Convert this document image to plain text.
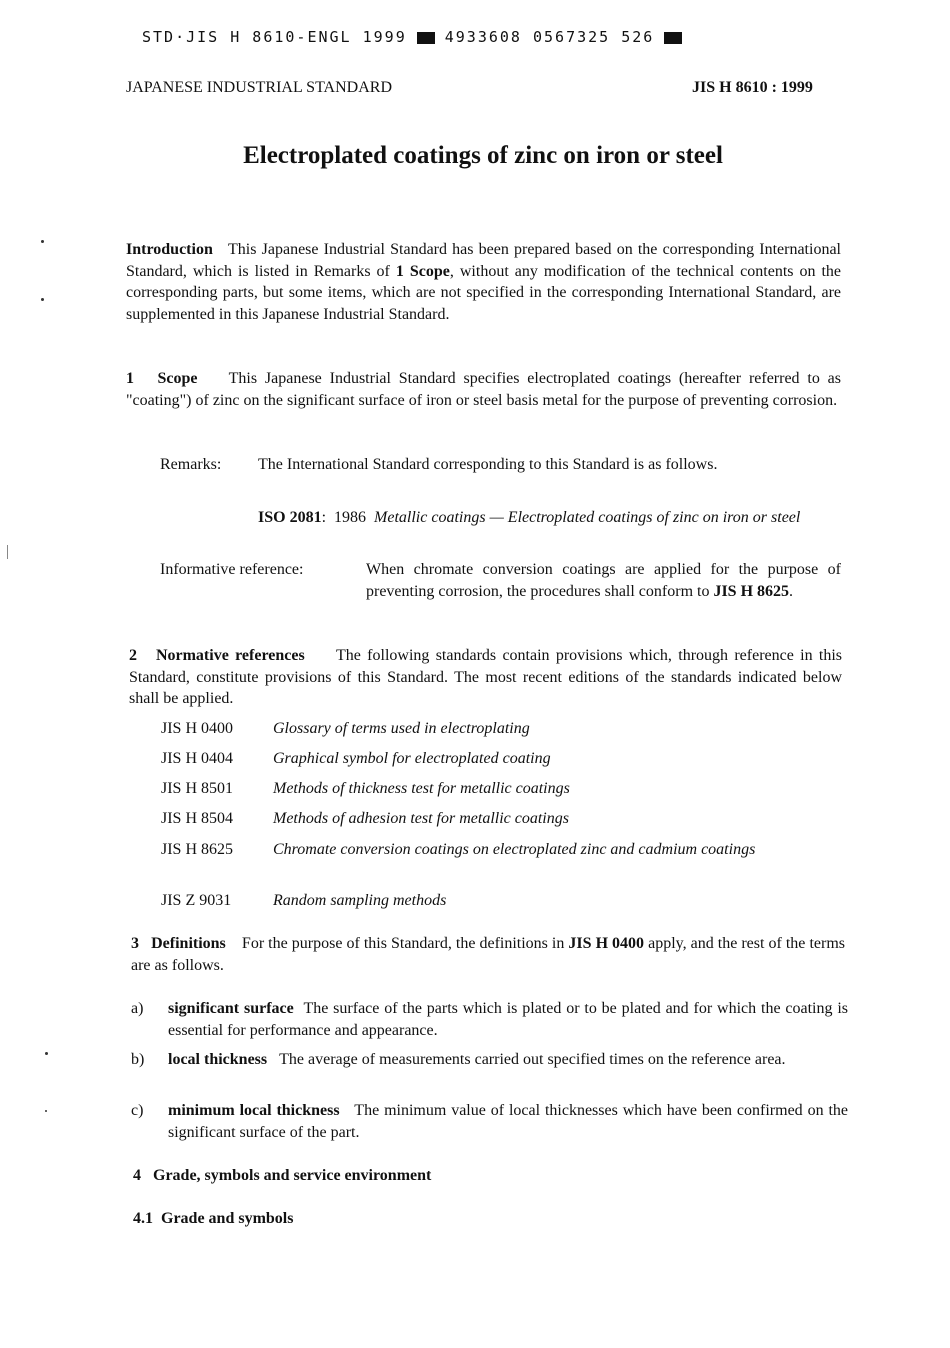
STD·JIS H 8610-ENGL 1999	4933608 0567325 526
JAPANESE INDUSTRIAL STANDARD	JIS H 8610 : 1999
Electroplated coatings of zinc on iron or steel
Introduction This Japanese Industrial Standard has been prepared based on the corresponding International Standard, which is listed in Remarks of 1 Scope, without any modification of the technical contents on the corresponding parts, but some items, which are not specified in the corresponding International Standard, are supplemented in this Japanese Industrial Standard.
1 Scope This Japanese Industrial Standard specifies electroplated coatings (hereafter referred to as "coating") of zinc on the significant surface of iron or steel basis metal for the purpose of preventing corrosion.
Remarks: The International Standard corresponding to this Standard is as follows.
ISO 2081: 1986 Metallic coatings — Electroplated coatings of zinc on iron or steel
Informative reference:	When chromate conversion coatings are applied for the purpose of preventing corrosion, the procedures shall conform to JIS H 8625.
2 Normative references The following standards contain provisions which, through reference in this Standard, constitute provisions of this Standard. The most recent editions of the standards indicated below shall be applied.
JIS H 0400 Glossary of terms used in electroplating
JIS H 0404 Graphical symbol for electroplated coating
JIS H 8501 Methods of thickness test for metallic coatings
JIS H 8504 Methods of adhesion test for metallic coatings
JIS H 8625 Chromate conversion coatings on electroplated zinc and cadmium coatings
JIS Z 9031	Random sampling methods
3 Definitions For the purpose of this Standard, the definitions in JIS H 0400 apply, and the rest of the terms are as follows.
a) significant surface The surface of the parts which is plated or to be plated and for which the coating is essential for performance and appearance.
b) local thickness The average of measurements carried out specified times on the reference area.
c) minimum local thickness The minimum value of local thicknesses which have been confirmed on the significant surface of the part.
4 Grade, symbols and service environment
4.1 Grade and symbols
